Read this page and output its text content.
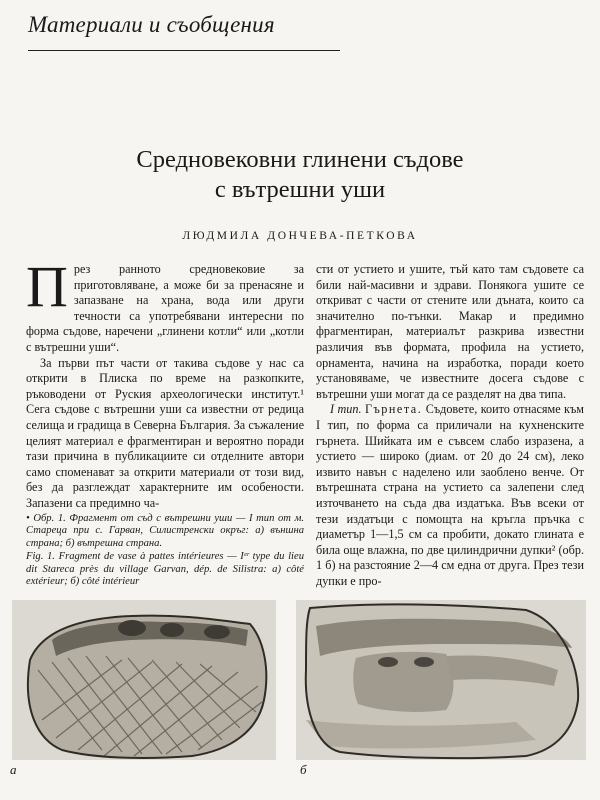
Материали и съобщения
Средновековни глинени съдове
с вътрешни уши
ЛЮДМИЛА ДОНЧЕВА-ПЕТКОВА

През ранното средновековие за приготовляване, а може би за пренасяне и запазване на храна, вода или други течности са употребявани интересни по форма съдове, наречени „глинени котли“ или „котли с вътрешни уши“.

За първи път части от такива съдове у нас са открити в Плиска по време на разкопките, ръководени от Руския археологически институт.¹ Сега съдове с вътрешни уши са известни от редица селища и градища в Северна България. За съжаление целият материал е фрагментиран и вероятно поради тази причина в публикациите си отделните автори само споменават за открити материали от този вид, без да разглеждат характерните им особености. Запазени са предимно ча-

• Обр. 1. Фрагмент от съд с вътрешни уши — I тип от м. Стареца при с. Гарван, Силистренски окръг: а) външна страна; б) вътрешна страна.

Fig. 1. Fragment de vase à pattes intérieures — Iᵉʳ type du lieu dit Stareca près du village Garvan, dép. de Silistra: a) côté extérieur; б) côté intérieur

сти от устието и ушите, тъй като там съдовете са били най-масивни и здрави. Понякога ушите се откриват с части от стените или дъната, които са значително по-тънки. Макар и предимно фрагментиран, материалът разкрива известни различия във формата, профила на устието, орнамента, начина на изработка, поради което установяваме, че известните досега съдове с вътрешни уши могат да се разделят на два типа.

I тип. Гърнета. Съдовете, които отнасяме към I тип, по форма са приличали на кухненските гърнета. Шийката им е съвсем слабо изразена, а устието — широко (диам. от 20 до 24 см), леко извито навън с наделено или заоблено венче. От вътрешната страна на устието са залепени след източването на съда два издатъка. Във всеки от тези издатъци с помощта на кръгла пръчка с диаметър 1—1,5 см са пробити, докато глината е била още влажна, по две цилиндрични дупки² (обр. 1 б) на разстояние 2—4 см една от друга. През тези дупки е про-

а	б
